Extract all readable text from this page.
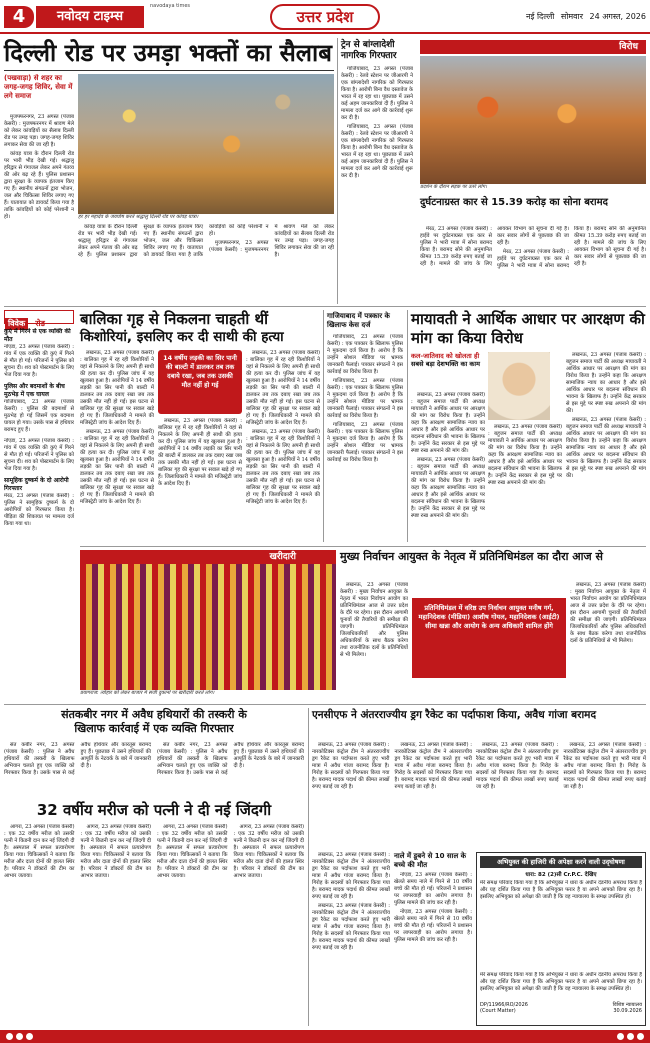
4	नवोदय टाइम्स
navodaya times
उत्तर प्रदेश	नई दिल्ली सोमवार 24 अगस्त, 2026
दिल्ली रोड पर उमड़ा भक्तों का सैलाब
(पखवाड़ा) से शहर का जगह-जगह शिविर, सेवा में लगे समाज

मुजफ्फरनगर, 23 अगस्त (पंजाब केसरी) : मुजफ्फरनगर में श्रावण मेले को लेकर कांवड़ियों का सैलाब दिल्ली रोड पर उमड़ पड़ा। जगह-जगह शिविर लगाकर सेवा की जा रही है।

कांवड़ यात्रा के दौरान दिल्ली रोड पर भारी भीड़ देखी गई। श्रद्धालु हरिद्वार से गंगाजल लेकर अपने गंतव्य की ओर बढ़ रहे हैं। पुलिस प्रशासन द्वारा सुरक्षा के व्यापक इंतजाम किए गए हैं। स्थानीय संगठनों द्वारा भोजन, जल और चिकित्सा शिविर लगाए गए हैं। यातायात को डायवर्ट किया गया है ताकि कांवड़ियों को कोई परेशानी न हो।	हर हर महादेव के जयघोष करते श्रद्धालु दिल्ली रोड पर कांवड़ यात्रा।

कांवड़ यात्रा के दौरान दिल्ली रोड पर भारी भीड़ देखी गई। श्रद्धालु हरिद्वार से गंगाजल लेकर अपने गंतव्य की ओर बढ़ रहे हैं। पुलिस प्रशासन द्वारा सुरक्षा के व्यापक इंतजाम किए गए हैं। स्थानीय संगठनों द्वारा भोजन, जल और चिकित्सा शिविर लगाए गए हैं। यातायात को डायवर्ट किया गया है ताकि कांवड़ियों को कोई परेशानी न हो।

मुजफ्फरनगर, 23 अगस्त (पंजाब केसरी) : मुजफ्फरनगर में श्रावण मेले को लेकर कांवड़ियों का सैलाब दिल्ली रोड पर उमड़ पड़ा। जगह-जगह शिविर लगाकर सेवा की जा रही है।

ट्रेन से बांग्लादेशी नागरिक गिरफ्तार

गाजियाबाद, 23 अगस्त (पंजाब केसरी) : रेलवे स्टेशन पर जीआरपी ने एक बांग्लादेशी नागरिक को गिरफ्तार किया है। आरोपी बिना वैध दस्तावेज के भारत में रह रहा था। पूछताछ में उसने कई अहम जानकारियां दी हैं। पुलिस ने मामला दर्ज कर आगे की कार्रवाई शुरू कर दी है।

गाजियाबाद, 23 अगस्त (पंजाब केसरी) : रेलवे स्टेशन पर जीआरपी ने एक बांग्लादेशी नागरिक को गिरफ्तार किया है। आरोपी बिना वैध दस्तावेज के भारत में रह रहा था। पूछताछ में उसने कई अहम जानकारियां दी हैं। पुलिस ने मामला दर्ज कर आगे की कार्रवाई शुरू कर दी है।

विरोध
प्रदर्शन के दौरान सड़क पर उतरे लोग।
दुर्घटनाग्रस्त कार से 15.39 करोड़ का सोना बरामद

मेरठ, 23 अगस्त (पंजाब केसरी) : हाईवे पर दुर्घटनाग्रस्त एक कार से पुलिस ने भारी मात्रा में सोना बरामद किया है। बरामद सोने की अनुमानित कीमत 15.39 करोड़ रुपए बताई जा रही है। मामले की जांच के लिए आयकर विभाग को सूचना दी गई है। कार सवार लोगों से पूछताछ की जा रही है।

मेरठ, 23 अगस्त (पंजाब केसरी) : हाईवे पर दुर्घटनाग्रस्त एक कार से पुलिस ने भारी मात्रा में सोना बरामद किया है। बरामद सोने की अनुमानित कीमत 15.39 करोड़ रुपए बताई जा रही है। मामले की जांच के लिए आयकर विभाग को सूचना दी गई है। कार सवार लोगों से पूछताछ की जा रही है।

विवेक रोड
कुएं में गिरने से एक व्यक्ति की मौत
नोएडा, 23 अगस्त (पंजाब केसरी) : गांव में एक व्यक्ति की कुएं में गिरने से मौत हो गई। परिजनों ने पुलिस को सूचना दी। शव को पोस्टमार्टम के लिए भेज दिया गया है।
पुलिस और बदमाशों के बीच मुठभेड़ में एक घायल
गाजियाबाद, 23 अगस्त (पंजाब केसरी) : पुलिस की बदमाशों से मुठभेड़ हो गई जिसमें एक बदमाश घायल हो गया। उसके पास से हथियार बरामद हुए हैं।
नोएडा, 23 अगस्त (पंजाब केसरी) : गांव में एक व्यक्ति की कुएं में गिरने से मौत हो गई। परिजनों ने पुलिस को सूचना दी। शव को पोस्टमार्टम के लिए भेज दिया गया है।
सामूहिक दुष्कर्म के दो आरोपी गिरफ्तार
मेरठ, 23 अगस्त (पंजाब केसरी) : पुलिस ने सामूहिक दुष्कर्म के दो आरोपियों को गिरफ्तार किया है। पीड़िता की शिकायत पर मामला दर्ज किया गया था।
बालिका गृह से निकलना चाहती थीं
किशोरियां, इसलिए कर दी साथी की हत्या

लखनऊ, 23 अगस्त (पंजाब केसरी) : बालिका गृह में रह रही किशोरियों ने वहां से निकलने के लिए अपनी ही साथी की हत्या कर दी। पुलिस जांच में यह खुलासा हुआ है। आरोपियों ने 14 वर्षीय लड़की का सिर पानी की बाल्टी में डालकर तब तक दबाए रखा जब तक उसकी मौत नहीं हो गई। इस घटना से बालिका गृह की सुरक्षा पर सवाल खड़े हो गए हैं। जिलाधिकारी ने मामले की मजिस्ट्रेटी जांच के आदेश दिए हैं।

लखनऊ, 23 अगस्त (पंजाब केसरी) : बालिका गृह में रह रही किशोरियों ने वहां से निकलने के लिए अपनी ही साथी की हत्या कर दी। पुलिस जांच में यह खुलासा हुआ है। आरोपियों ने 14 वर्षीय लड़की का सिर पानी की बाल्टी में डालकर तब तक दबाए रखा जब तक उसकी मौत नहीं हो गई। इस घटना से बालिका गृह की सुरक्षा पर सवाल खड़े हो गए हैं। जिलाधिकारी ने मामले की मजिस्ट्रेटी जांच के आदेश दिए हैं।

14 वर्षीय लड़की का सिर पानी की बाल्टी में डालकर तब तक दबाये रखा, जब तक उसकी मौत नहीं हो गई

लखनऊ, 23 अगस्त (पंजाब केसरी) : बालिका गृह में रह रही किशोरियों ने वहां से निकलने के लिए अपनी ही साथी की हत्या कर दी। पुलिस जांच में यह खुलासा हुआ है। आरोपियों ने 14 वर्षीय लड़की का सिर पानी की बाल्टी में डालकर तब तक दबाए रखा जब तक उसकी मौत नहीं हो गई। इस घटना से बालिका गृह की सुरक्षा पर सवाल खड़े हो गए हैं। जिलाधिकारी ने मामले की मजिस्ट्रेटी जांच के आदेश दिए हैं।

लखनऊ, 23 अगस्त (पंजाब केसरी) : बालिका गृह में रह रही किशोरियों ने वहां से निकलने के लिए अपनी ही साथी की हत्या कर दी। पुलिस जांच में यह खुलासा हुआ है। आरोपियों ने 14 वर्षीय लड़की का सिर पानी की बाल्टी में डालकर तब तक दबाए रखा जब तक उसकी मौत नहीं हो गई। इस घटना से बालिका गृह की सुरक्षा पर सवाल खड़े हो गए हैं। जिलाधिकारी ने मामले की मजिस्ट्रेटी जांच के आदेश दिए हैं।

लखनऊ, 23 अगस्त (पंजाब केसरी) : बालिका गृह में रह रही किशोरियों ने वहां से निकलने के लिए अपनी ही साथी की हत्या कर दी। पुलिस जांच में यह खुलासा हुआ है। आरोपियों ने 14 वर्षीय लड़की का सिर पानी की बाल्टी में डालकर तब तक दबाए रखा जब तक उसकी मौत नहीं हो गई। इस घटना से बालिका गृह की सुरक्षा पर सवाल खड़े हो गए हैं। जिलाधिकारी ने मामले की मजिस्ट्रेटी जांच के आदेश दिए हैं।

गाजियाबाद में पत्रकार के खिलाफ केस दर्ज

गाजियाबाद, 23 अगस्त (पंजाब केसरी) : एक पत्रकार के खिलाफ पुलिस ने मुकदमा दर्ज किया है। आरोप है कि उन्होंने सोशल मीडिया पर भ्रामक जानकारी फैलाई। पत्रकार संगठनों ने इस कार्रवाई का विरोध किया है।

गाजियाबाद, 23 अगस्त (पंजाब केसरी) : एक पत्रकार के खिलाफ पुलिस ने मुकदमा दर्ज किया है। आरोप है कि उन्होंने सोशल मीडिया पर भ्रामक जानकारी फैलाई। पत्रकार संगठनों ने इस कार्रवाई का विरोध किया है।

गाजियाबाद, 23 अगस्त (पंजाब केसरी) : एक पत्रकार के खिलाफ पुलिस ने मुकदमा दर्ज किया है। आरोप है कि उन्होंने सोशल मीडिया पर भ्रामक जानकारी फैलाई। पत्रकार संगठनों ने इस कार्रवाई का विरोध किया है।

मायावती ने आर्थिक आधार पर आरक्षण की मांग का किया विरोध
कल-जातिवाद को खोलता ही
सबसे बड़ा देशभक्ति का काम

लखनऊ, 23 अगस्त (पंजाब केसरी) : बहुजन समाज पार्टी की अध्यक्ष मायावती ने आर्थिक आधार पर आरक्षण की मांग का विरोध किया है। उन्होंने कहा कि आरक्षण सामाजिक न्याय का आधार है और इसे आर्थिक आधार पर बदलना संविधान की भावना के खिलाफ है। उन्होंने केंद्र सरकार से इस मुद्दे पर स्पष्ट रुख अपनाने की मांग की।

लखनऊ, 23 अगस्त (पंजाब केसरी) : बहुजन समाज पार्टी की अध्यक्ष मायावती ने आर्थिक आधार पर आरक्षण की मांग का विरोध किया है। उन्होंने कहा कि आरक्षण सामाजिक न्याय का आधार है और इसे आर्थिक आधार पर बदलना संविधान की भावना के खिलाफ है। उन्होंने केंद्र सरकार से इस मुद्दे पर स्पष्ट रुख अपनाने की मांग की।

लखनऊ, 23 अगस्त (पंजाब केसरी) : बहुजन समाज पार्टी की अध्यक्ष मायावती ने आर्थिक आधार पर आरक्षण की मांग का विरोध किया है। उन्होंने कहा कि आरक्षण सामाजिक न्याय का आधार है और इसे आर्थिक आधार पर बदलना संविधान की भावना के खिलाफ है। उन्होंने केंद्र सरकार से इस मुद्दे पर स्पष्ट रुख अपनाने की मांग की।

लखनऊ, 23 अगस्त (पंजाब केसरी) : बहुजन समाज पार्टी की अध्यक्ष मायावती ने आर्थिक आधार पर आरक्षण की मांग का विरोध किया है। उन्होंने कहा कि आरक्षण सामाजिक न्याय का आधार है और इसे आर्थिक आधार पर बदलना संविधान की भावना के खिलाफ है। उन्होंने केंद्र सरकार से इस मुद्दे पर स्पष्ट रुख अपनाने की मांग की।

लखनऊ, 23 अगस्त (पंजाब केसरी) : बहुजन समाज पार्टी की अध्यक्ष मायावती ने आर्थिक आधार पर आरक्षण की मांग का विरोध किया है। उन्होंने कहा कि आरक्षण सामाजिक न्याय का आधार है और इसे आर्थिक आधार पर बदलना संविधान की भावना के खिलाफ है। उन्होंने केंद्र सरकार से इस मुद्दे पर स्पष्ट रुख अपनाने की मांग की।

खरीदारी
प्रयागराज: त्योहार को लेकर बाजार में सजी दुकानों पर खरीदारी करते लोग।
मुख्य निर्वाचन आयुक्त के नेतृत्व में प्रतिनिधिमंडल का दौरा आज से

लखनऊ, 23 अगस्त (पंजाब केसरी) : मुख्य निर्वाचन आयुक्त के नेतृत्व में भारत निर्वाचन आयोग का प्रतिनिधिमंडल आज से उत्तर प्रदेश के दौरे पर रहेगा। इस दौरान आगामी चुनावों की तैयारियों की समीक्षा की जाएगी। प्रतिनिधिमंडल जिलाधिकारियों और पुलिस अधिकारियों के साथ बैठक करेगा तथा राजनीतिक दलों के प्रतिनिधियों से भी मिलेगा।

प्रतिनिधिमंडल में वरिष्ठ उप निर्वाचन आयुक्त मनीष गर्ग, महानिदेशक (मीडिया) आशीष गोयल, महानिदेशक (आईटी) सीमा खन्ना और आयोग के अन्य अधिकारी शामिल होंगे

लखनऊ, 23 अगस्त (पंजाब केसरी) : मुख्य निर्वाचन आयुक्त के नेतृत्व में भारत निर्वाचन आयोग का प्रतिनिधिमंडल आज से उत्तर प्रदेश के दौरे पर रहेगा। इस दौरान आगामी चुनावों की तैयारियों की समीक्षा की जाएगी। प्रतिनिधिमंडल जिलाधिकारियों और पुलिस अधिकारियों के साथ बैठक करेगा तथा राजनीतिक दलों के प्रतिनिधियों से भी मिलेगा।

संतकबीर नगर में अवैध हथियारों की तस्करी के
खिलाफ कार्रवाई में एक व्यक्ति गिरफ्तार

संत कबीर नगर, 23 अगस्त (पंजाब केसरी) : पुलिस ने अवैध हथियारों की तस्करी के खिलाफ अभियान चलाते हुए एक व्यक्ति को गिरफ्तार किया है। उसके पास से कई अवैध हथियार और कारतूस बरामद हुए हैं। पूछताछ में उसने हथियारों की आपूर्ति के नेटवर्क के बारे में जानकारी दी है।

संत कबीर नगर, 23 अगस्त (पंजाब केसरी) : पुलिस ने अवैध हथियारों की तस्करी के खिलाफ अभियान चलाते हुए एक व्यक्ति को गिरफ्तार किया है। उसके पास से कई अवैध हथियार और कारतूस बरामद हुए हैं। पूछताछ में उसने हथियारों की आपूर्ति के नेटवर्क के बारे में जानकारी दी है।

32 वर्षीय मरीज को पत्नी ने दी नई जिंदगी

आगरा, 23 अगस्त (पंजाब केसरी) : एक 32 वर्षीय मरीज को उसकी पत्नी ने किडनी दान कर नई जिंदगी दी है। अस्पताल में सफल प्रत्यारोपण किया गया। चिकित्सकों ने बताया कि मरीज और दाता दोनों की हालत स्थिर है। परिवार ने डॉक्टरों की टीम का आभार जताया।

आगरा, 23 अगस्त (पंजाब केसरी) : एक 32 वर्षीय मरीज को उसकी पत्नी ने किडनी दान कर नई जिंदगी दी है। अस्पताल में सफल प्रत्यारोपण किया गया। चिकित्सकों ने बताया कि मरीज और दाता दोनों की हालत स्थिर है। परिवार ने डॉक्टरों की टीम का आभार जताया।

आगरा, 23 अगस्त (पंजाब केसरी) : एक 32 वर्षीय मरीज को उसकी पत्नी ने किडनी दान कर नई जिंदगी दी है। अस्पताल में सफल प्रत्यारोपण किया गया। चिकित्सकों ने बताया कि मरीज और दाता दोनों की हालत स्थिर है। परिवार ने डॉक्टरों की टीम का आभार जताया।

आगरा, 23 अगस्त (पंजाब केसरी) : एक 32 वर्षीय मरीज को उसकी पत्नी ने किडनी दान कर नई जिंदगी दी है। अस्पताल में सफल प्रत्यारोपण किया गया। चिकित्सकों ने बताया कि मरीज और दाता दोनों की हालत स्थिर है। परिवार ने डॉक्टरों की टीम का आभार जताया।

एनसीएफ ने अंतरराज्यीय ड्रग रैकेट का पर्दाफाश किया, अवैध गांजा बरामद

लखनऊ, 23 अगस्त (पंजाब केसरी) : नारकोटिक्स कंट्रोल टीम ने अंतरराज्यीय ड्रग रैकेट का पर्दाफाश करते हुए भारी मात्रा में अवैध गांजा बरामद किया है। गिरोह के सदस्यों को गिरफ्तार किया गया है। बरामद मादक पदार्थ की कीमत लाखों रुपए बताई जा रही है।

लखनऊ, 23 अगस्त (पंजाब केसरी) : नारकोटिक्स कंट्रोल टीम ने अंतरराज्यीय ड्रग रैकेट का पर्दाफाश करते हुए भारी मात्रा में अवैध गांजा बरामद किया है। गिरोह के सदस्यों को गिरफ्तार किया गया है। बरामद मादक पदार्थ की कीमत लाखों रुपए बताई जा रही है।

लखनऊ, 23 अगस्त (पंजाब केसरी) : नारकोटिक्स कंट्रोल टीम ने अंतरराज्यीय ड्रग रैकेट का पर्दाफाश करते हुए भारी मात्रा में अवैध गांजा बरामद किया है। गिरोह के सदस्यों को गिरफ्तार किया गया है। बरामद मादक पदार्थ की कीमत लाखों रुपए बताई जा रही है।

लखनऊ, 23 अगस्त (पंजाब केसरी) : नारकोटिक्स कंट्रोल टीम ने अंतरराज्यीय ड्रग रैकेट का पर्दाफाश करते हुए भारी मात्रा में अवैध गांजा बरामद किया है। गिरोह के सदस्यों को गिरफ्तार किया गया है। बरामद मादक पदार्थ की कीमत लाखों रुपए बताई जा रही है।

नाले में डूबने से 10 साल के बच्चे की मौत

नोएडा, 23 अगस्त (पंजाब केसरी) : खेलते समय नाले में गिरने से 10 वर्षीय बच्चे की मौत हो गई। परिजनों ने प्रशासन पर लापरवाही का आरोप लगाया है। पुलिस मामले की जांच कर रही है।

नोएडा, 23 अगस्त (पंजाब केसरी) : खेलते समय नाले में गिरने से 10 वर्षीय बच्चे की मौत हो गई। परिजनों ने प्रशासन पर लापरवाही का आरोप लगाया है। पुलिस मामले की जांच कर रही है।

लखनऊ, 23 अगस्त (पंजाब केसरी) : नारकोटिक्स कंट्रोल टीम ने अंतरराज्यीय ड्रग रैकेट का पर्दाफाश करते हुए भारी मात्रा में अवैध गांजा बरामद किया है। गिरोह के सदस्यों को गिरफ्तार किया गया है। बरामद मादक पदार्थ की कीमत लाखों रुपए बताई जा रही है।

लखनऊ, 23 अगस्त (पंजाब केसरी) : नारकोटिक्स कंट्रोल टीम ने अंतरराज्यीय ड्रग रैकेट का पर्दाफाश करते हुए भारी मात्रा में अवैध गांजा बरामद किया है। गिरोह के सदस्यों को गिरफ्तार किया गया है। बरामद मादक पदार्थ की कीमत लाखों रुपए बताई जा रही है।

अभियुक्त की हाजिरी की अपेक्षा करने वाली उद्‌घोषणा
धारा: 82 (2)सी Cr.P.C. देखिए
मेरे समक्ष परिवाद किया गया है कि अभियुक्त ने धारा के अधीन दंडनीय अपराध किया है और यह दर्शित किया गया है कि अभियुक्त फरार है या अपने आपको छिपा रहा है। इसलिए अभियुक्त को अपेक्षा की जाती है कि वह न्यायालय के समक्ष उपस्थित हो।
मेरे समक्ष परिवाद किया गया है कि अभियुक्त ने धारा के अधीन दंडनीय अपराध किया है और यह दर्शित किया गया है कि अभियुक्त फरार है या अपने आपको छिपा रहा है। इसलिए अभियुक्त को अपेक्षा की जाती है कि वह न्यायालय के समक्ष उपस्थित हो।
DP/11966/RO/2026	विशिष्ट न्यायालय
(Court Matter)	30.09.2026
